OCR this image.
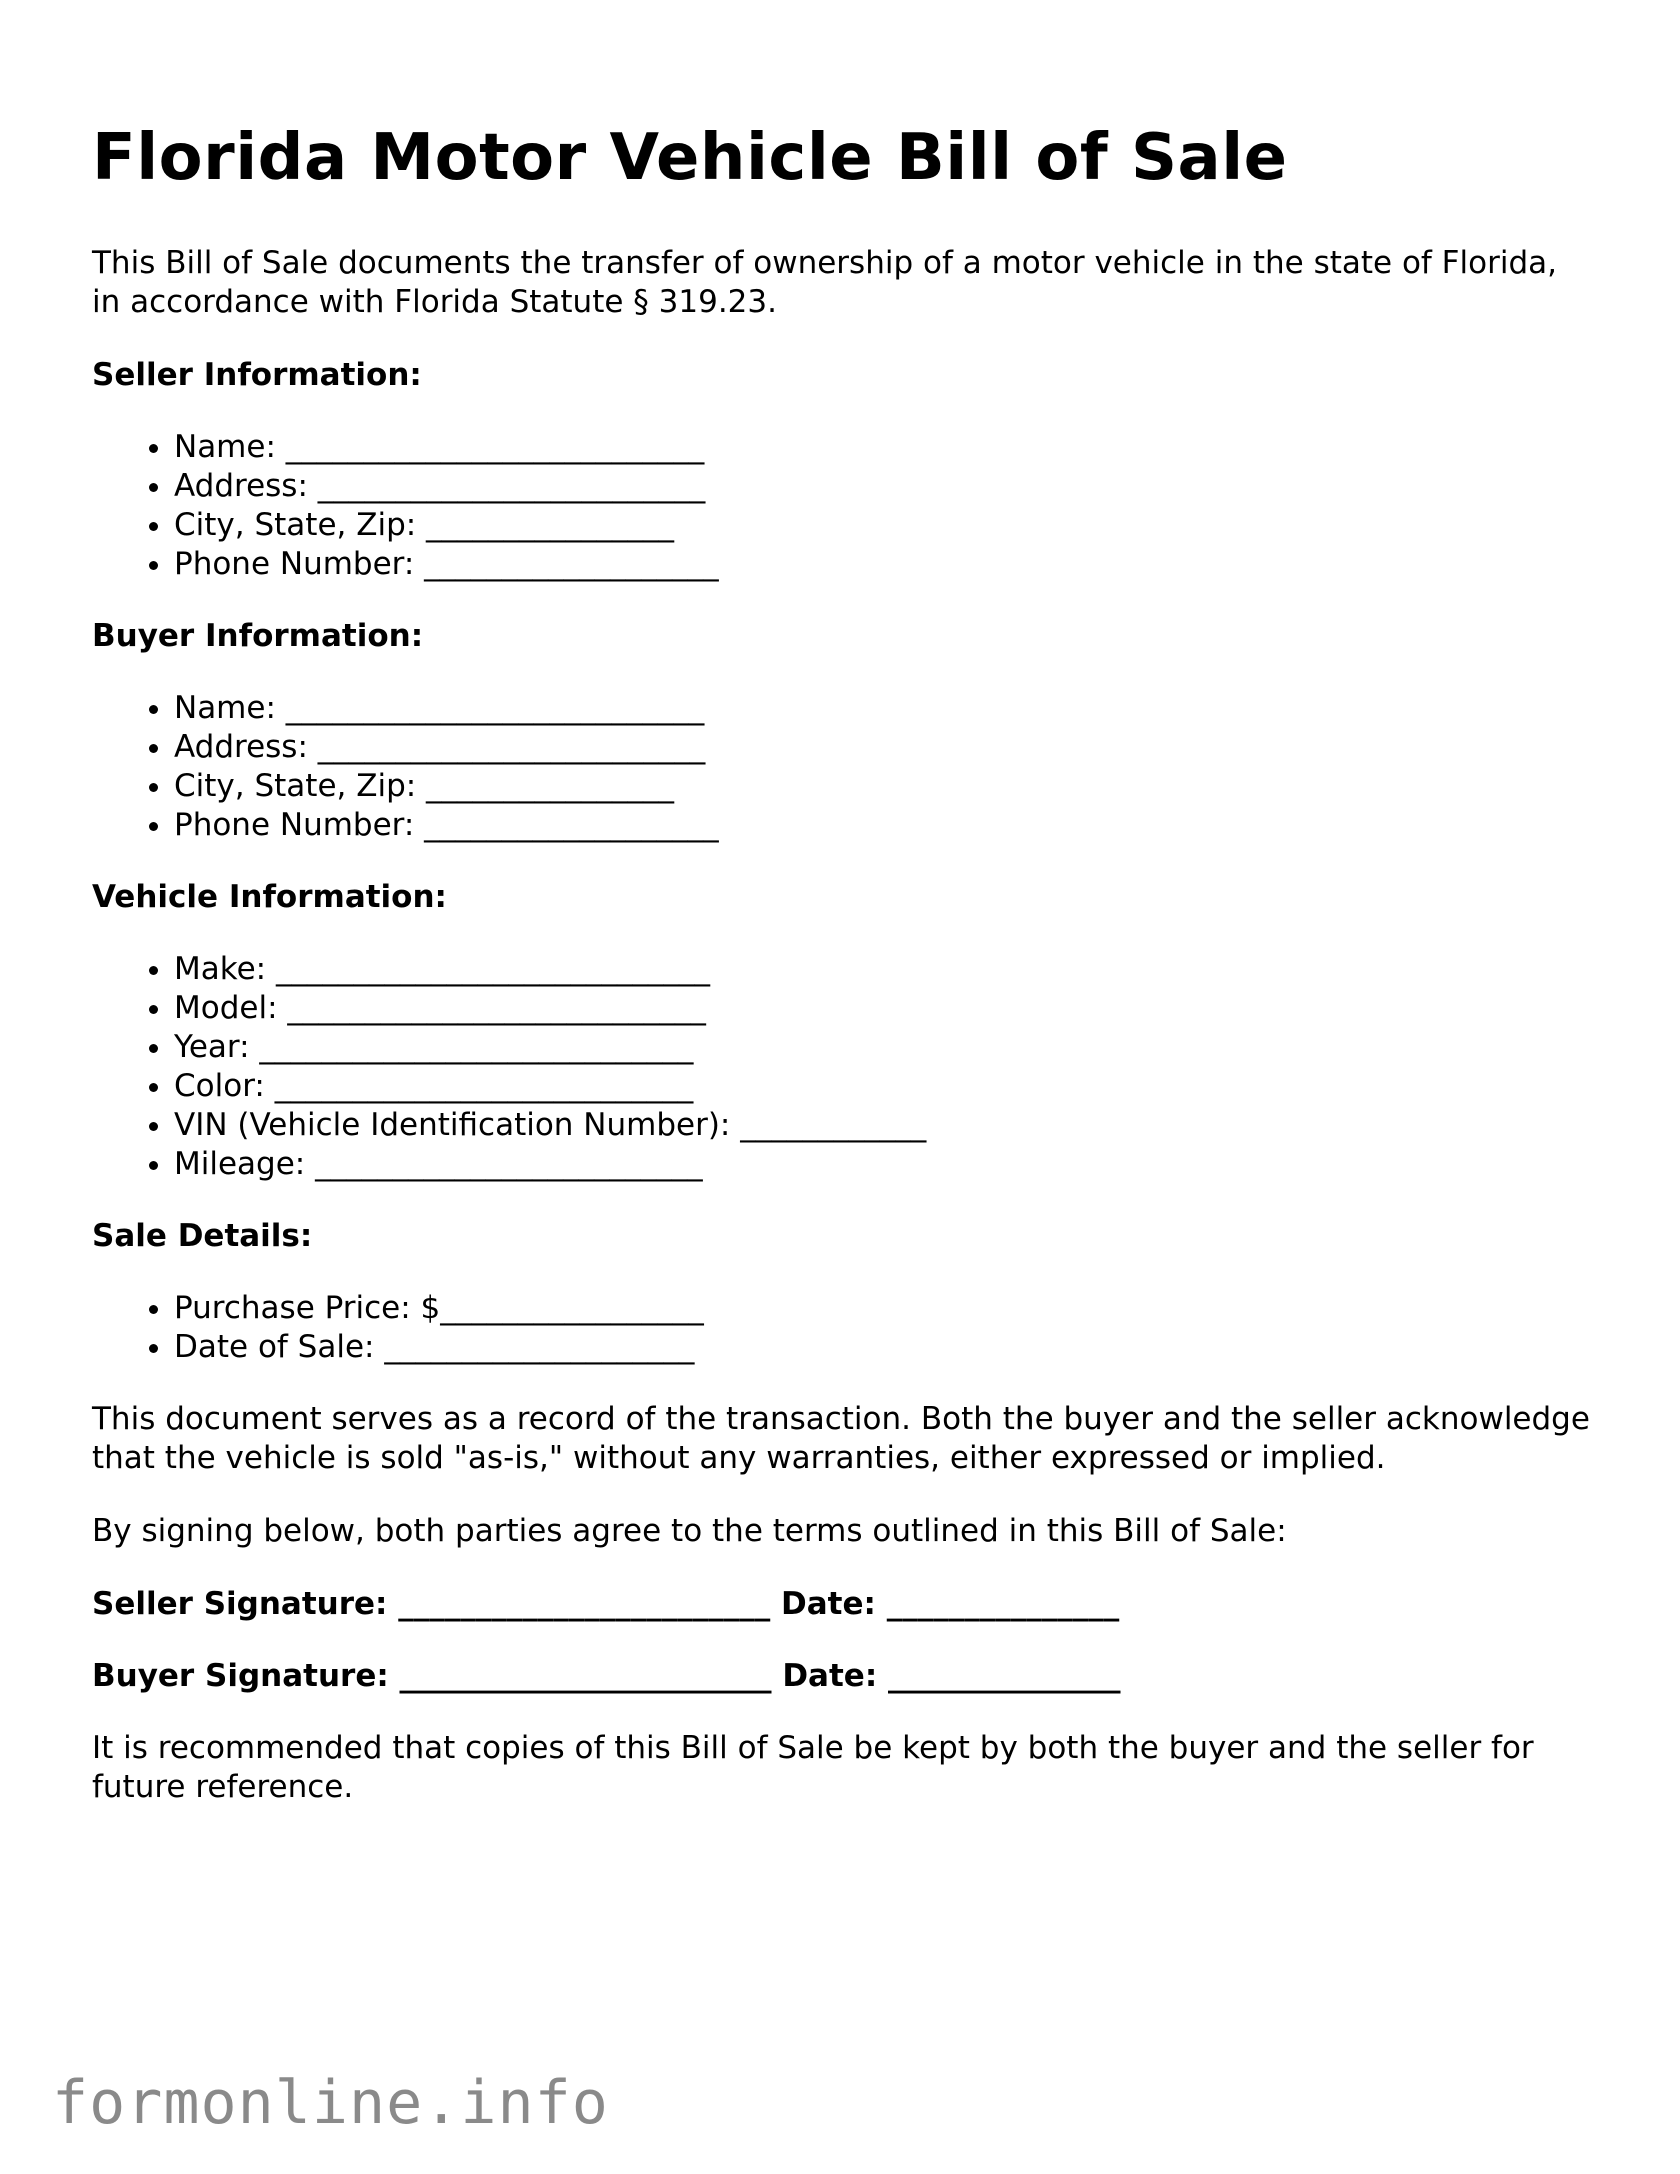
Florida Motor Vehicle Bill of Sale

This Bill of Sale documents the transfer of ownership of a motor vehicle in the state of Florida, in accordance with Florida Statute § 319.23.

Seller Information:
• Name: ___________________________
• Address: _________________________
• City, State, Zip: ________________
• Phone Number: ___________________
Buyer Information:
• Name: ___________________________
• Address: _________________________
• City, State, Zip: ________________
• Phone Number: ___________________
Vehicle Information:
• Make: ____________________________
• Model: ___________________________
• Year: ____________________________
• Color: ___________________________
• VIN (Vehicle Identification Number): ____________
• Mileage: _________________________
Sale Details:
• Purchase Price: $_________________
• Date of Sale: ____________________

This document serves as a record of the transaction. Both the buyer and the seller acknowledge that the vehicle is sold "as-is," without any warranties, either expressed or implied.

By signing below, both parties agree to the terms outlined in this Bill of Sale:

Seller Signature: ________________________ Date: _______________
Buyer Signature: ________________________ Date: _______________

It is recommended that copies of this Bill of Sale be kept by both the buyer and the seller for future reference.

formonline.info
